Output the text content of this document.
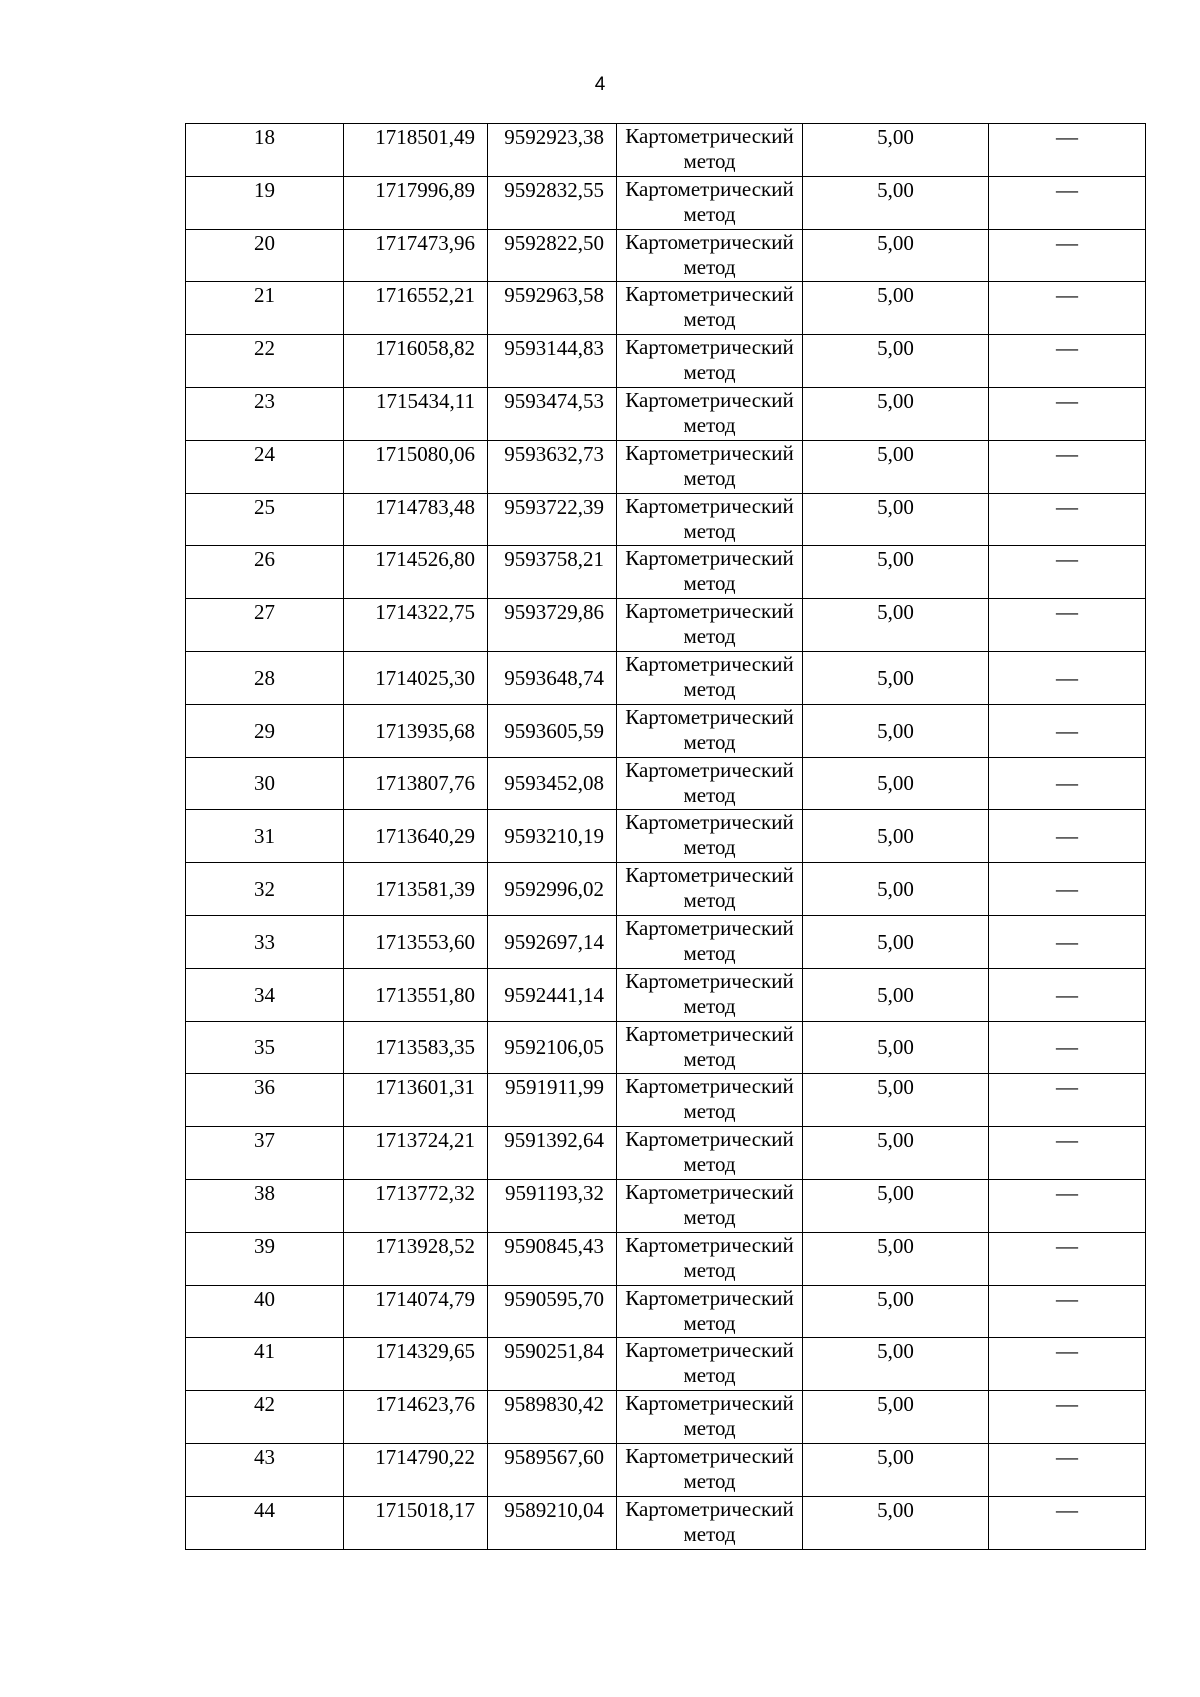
4
18	1718501,49	9592923,38	Картометрический метод	5,00	—
19	1717996,89	9592832,55	Картометрический метод	5,00	—
20	1717473,96	9592822,50	Картометрический метод	5,00	—
21	1716552,21	9592963,58	Картометрический метод	5,00	—
22	1716058,82	9593144,83	Картометрический метод	5,00	—
23	1715434,11	9593474,53	Картометрический метод	5,00	—
24	1715080,06	9593632,73	Картометрический метод	5,00	—
25	1714783,48	9593722,39	Картометрический метод	5,00	—
26	1714526,80	9593758,21	Картометрический метод	5,00	—
27	1714322,75	9593729,86	Картометрический метод	5,00	—
28	1714025,30	9593648,74	Картометрический метод	5,00	—
29	1713935,68	9593605,59	Картометрический метод	5,00	—
30	1713807,76	9593452,08	Картометрический метод	5,00	—
31	1713640,29	9593210,19	Картометрический метод	5,00	—
32	1713581,39	9592996,02	Картометрический метод	5,00	—
33	1713553,60	9592697,14	Картометрический метод	5,00	—
34	1713551,80	9592441,14	Картометрический метод	5,00	—
35	1713583,35	9592106,05	Картометрический метод	5,00	—
36	1713601,31	9591911,99	Картометрический метод	5,00	—
37	1713724,21	9591392,64	Картометрический метод	5,00	—
38	1713772,32	9591193,32	Картометрический метод	5,00	—
39	1713928,52	9590845,43	Картометрический метод	5,00	—
40	1714074,79	9590595,70	Картометрический метод	5,00	—
41	1714329,65	9590251,84	Картометрический метод	5,00	—
42	1714623,76	9589830,42	Картометрический метод	5,00	—
43	1714790,22	9589567,60	Картометрический метод	5,00	—
44	1715018,17	9589210,04	Картометрический метод	5,00	—
